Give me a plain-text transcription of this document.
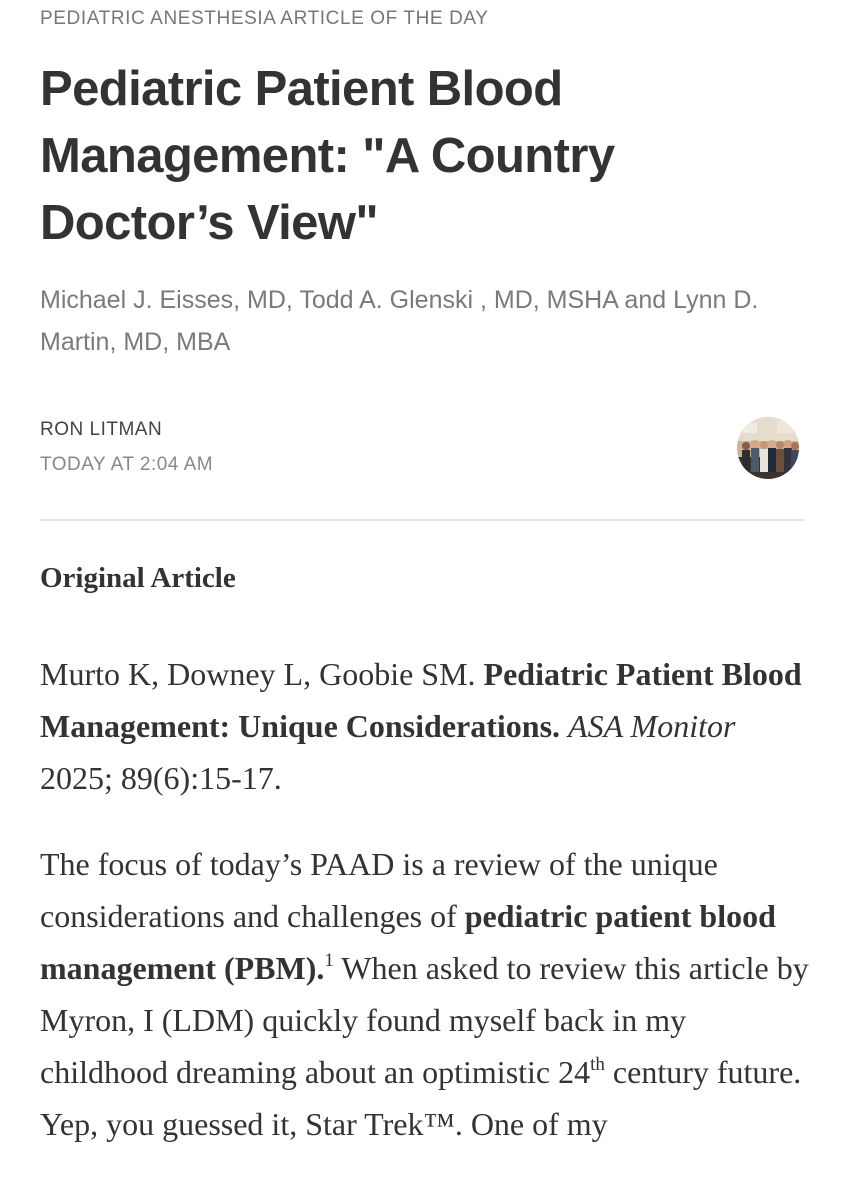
PEDIATRIC ANESTHESIA ARTICLE OF THE DAY
Pediatric Patient Blood Management: "A Country Doctor’s View"

Michael J. Eisses, MD, Todd A. Glenski , MD, MSHA and Lynn D. Martin, MD, MBA

RON LITMAN
TODAY AT 2:04 AM
Original Article

Murto K, Downey L, Goobie SM. Pediatric Patient Blood Management: Unique Considerations. ASA Monitor 2025; 89(6):15-17.

The focus of today’s PAAD is a review of the unique considerations and challenges of pediatric patient blood management (PBM).$^1$ When asked to review this article by Myron, I (LDM) quickly found myself back in my childhood dreaming about an optimistic 24th century future. Yep, you guessed it, Star Trek™. One of my
